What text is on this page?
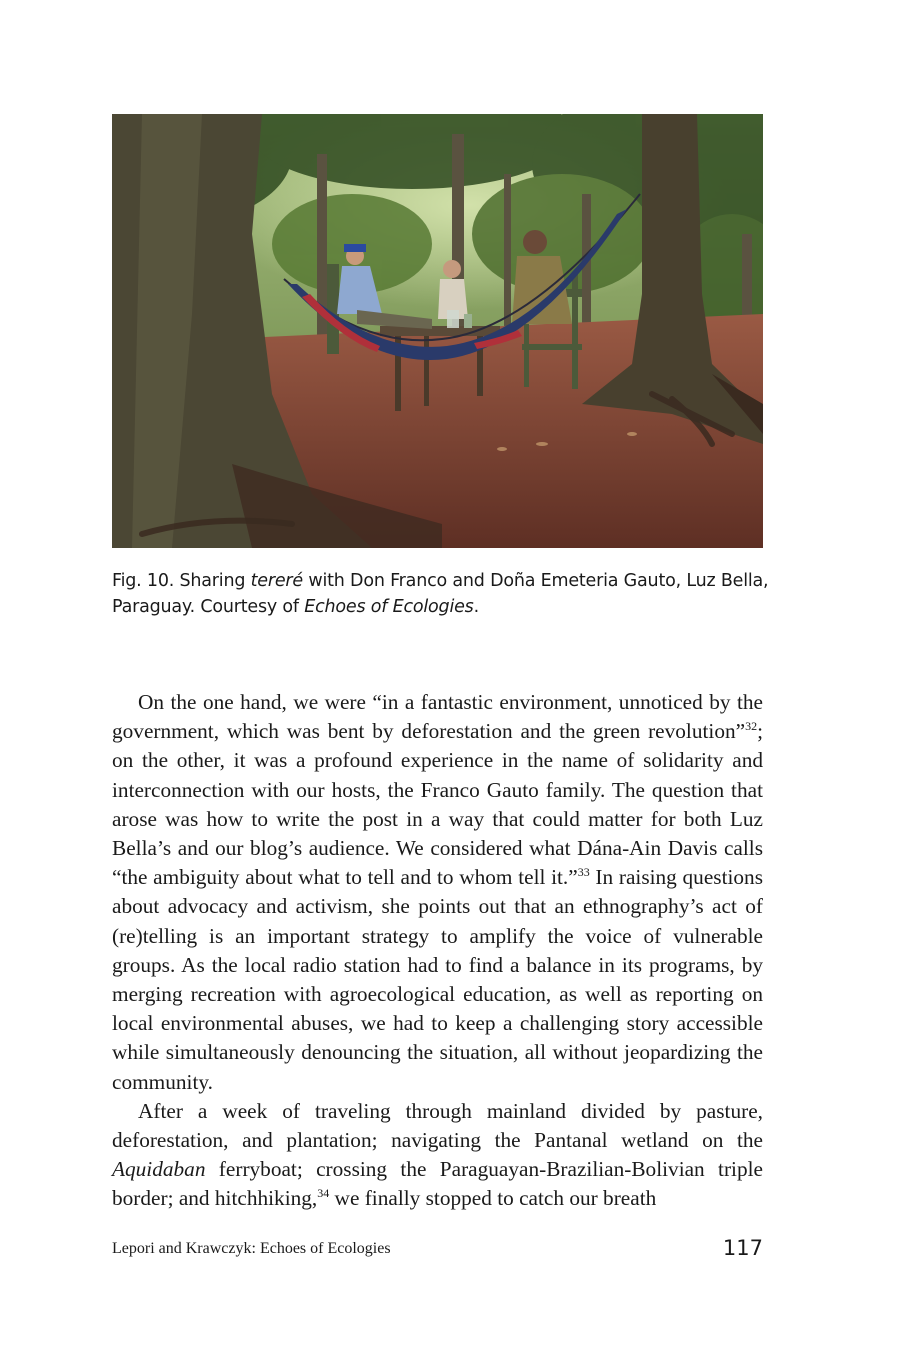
Fig. 10. Sharing tereré with Don Franco and Doña Emeteria Gauto, Luz Bella, Paraguay. Courtesy of Echoes of Ecologies.

On the one hand, we were “in a fantastic environment, unnoticed by the government, which was bent by deforestation and the green revolution”$^{32}$; on the other, it was a profound experience in the name of solidarity and interconnection with our hosts, the Franco Gauto family. The question that arose was how to write the post in a way that could matter for both Luz Bella’s and our blog’s audience. We considered what Dána-Ain Davis calls “the ambiguity about what to tell and to whom tell it.”$^{33}$ In raising questions about advocacy and activism, she points out that an ethnography’s act of (re)telling is an important strategy to amplify the voice of vulnerable groups. As the local radio station had to find a balance in its programs, by merging recreation with agroecological education, as well as reporting on local environmental abuses, we had to keep a challenging story accessible while simultaneously denouncing the situation, all without jeopardizing the community.

After a week of traveling through mainland divided by pasture, deforestation, and plantation; navigating the Pantanal wetland on the Aquidaban ferryboat; crossing the Paraguayan-Brazilian-Bolivian triple border; and hitchhiking,$^{34}$ we finally stopped to catch our breath

Lepori and Krawczyk: Echoes of Ecologies	117
